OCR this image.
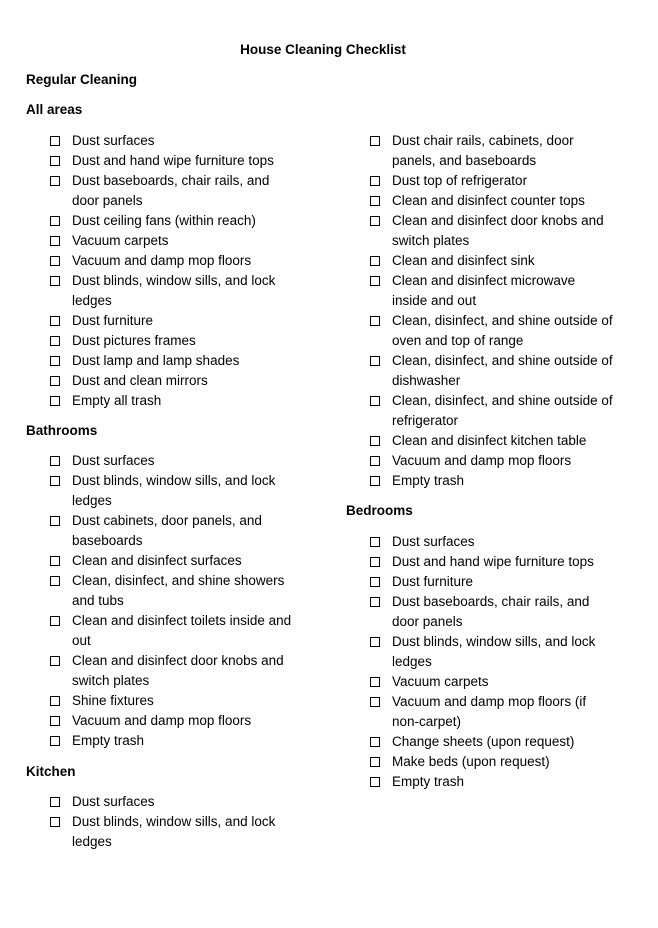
House Cleaning Checklist
Regular Cleaning
All areas
Dust surfaces
Dust and hand wipe furniture tops
Dust baseboards, chair rails, and
door panels
Dust ceiling fans (within reach)
Vacuum carpets
Vacuum and damp mop floors
Dust blinds, window sills, and lock
ledges
Dust furniture
Dust pictures frames
Dust lamp and lamp shades
Dust and clean mirrors
Empty all trash
Bathrooms
Dust surfaces
Dust blinds, window sills, and lock
ledges
Dust cabinets, door panels, and
baseboards
Clean and disinfect surfaces
Clean, disinfect, and shine showers
and tubs
Clean and disinfect toilets inside and
out
Clean and disinfect door knobs and
switch plates
Shine fixtures
Vacuum and damp mop floors
Empty trash
Kitchen
Dust surfaces
Dust blinds, window sills, and lock
ledges
Dust chair rails, cabinets, door
panels, and baseboards
Dust top of refrigerator
Clean and disinfect counter tops
Clean and disinfect door knobs and
switch plates
Clean and disinfect sink
Clean and disinfect microwave
inside and out
Clean, disinfect, and shine outside of
oven and top of range
Clean, disinfect, and shine outside of
dishwasher
Clean, disinfect, and shine outside of
refrigerator
Clean and disinfect kitchen table
Vacuum and damp mop floors
Empty trash
Bedrooms
Dust surfaces
Dust and hand wipe furniture tops
Dust furniture
Dust baseboards, chair rails, and
door panels
Dust blinds, window sills, and lock
ledges
Vacuum carpets
Vacuum and damp mop floors (if
non-carpet)
Change sheets (upon request)
Make beds (upon request)
Empty trash
